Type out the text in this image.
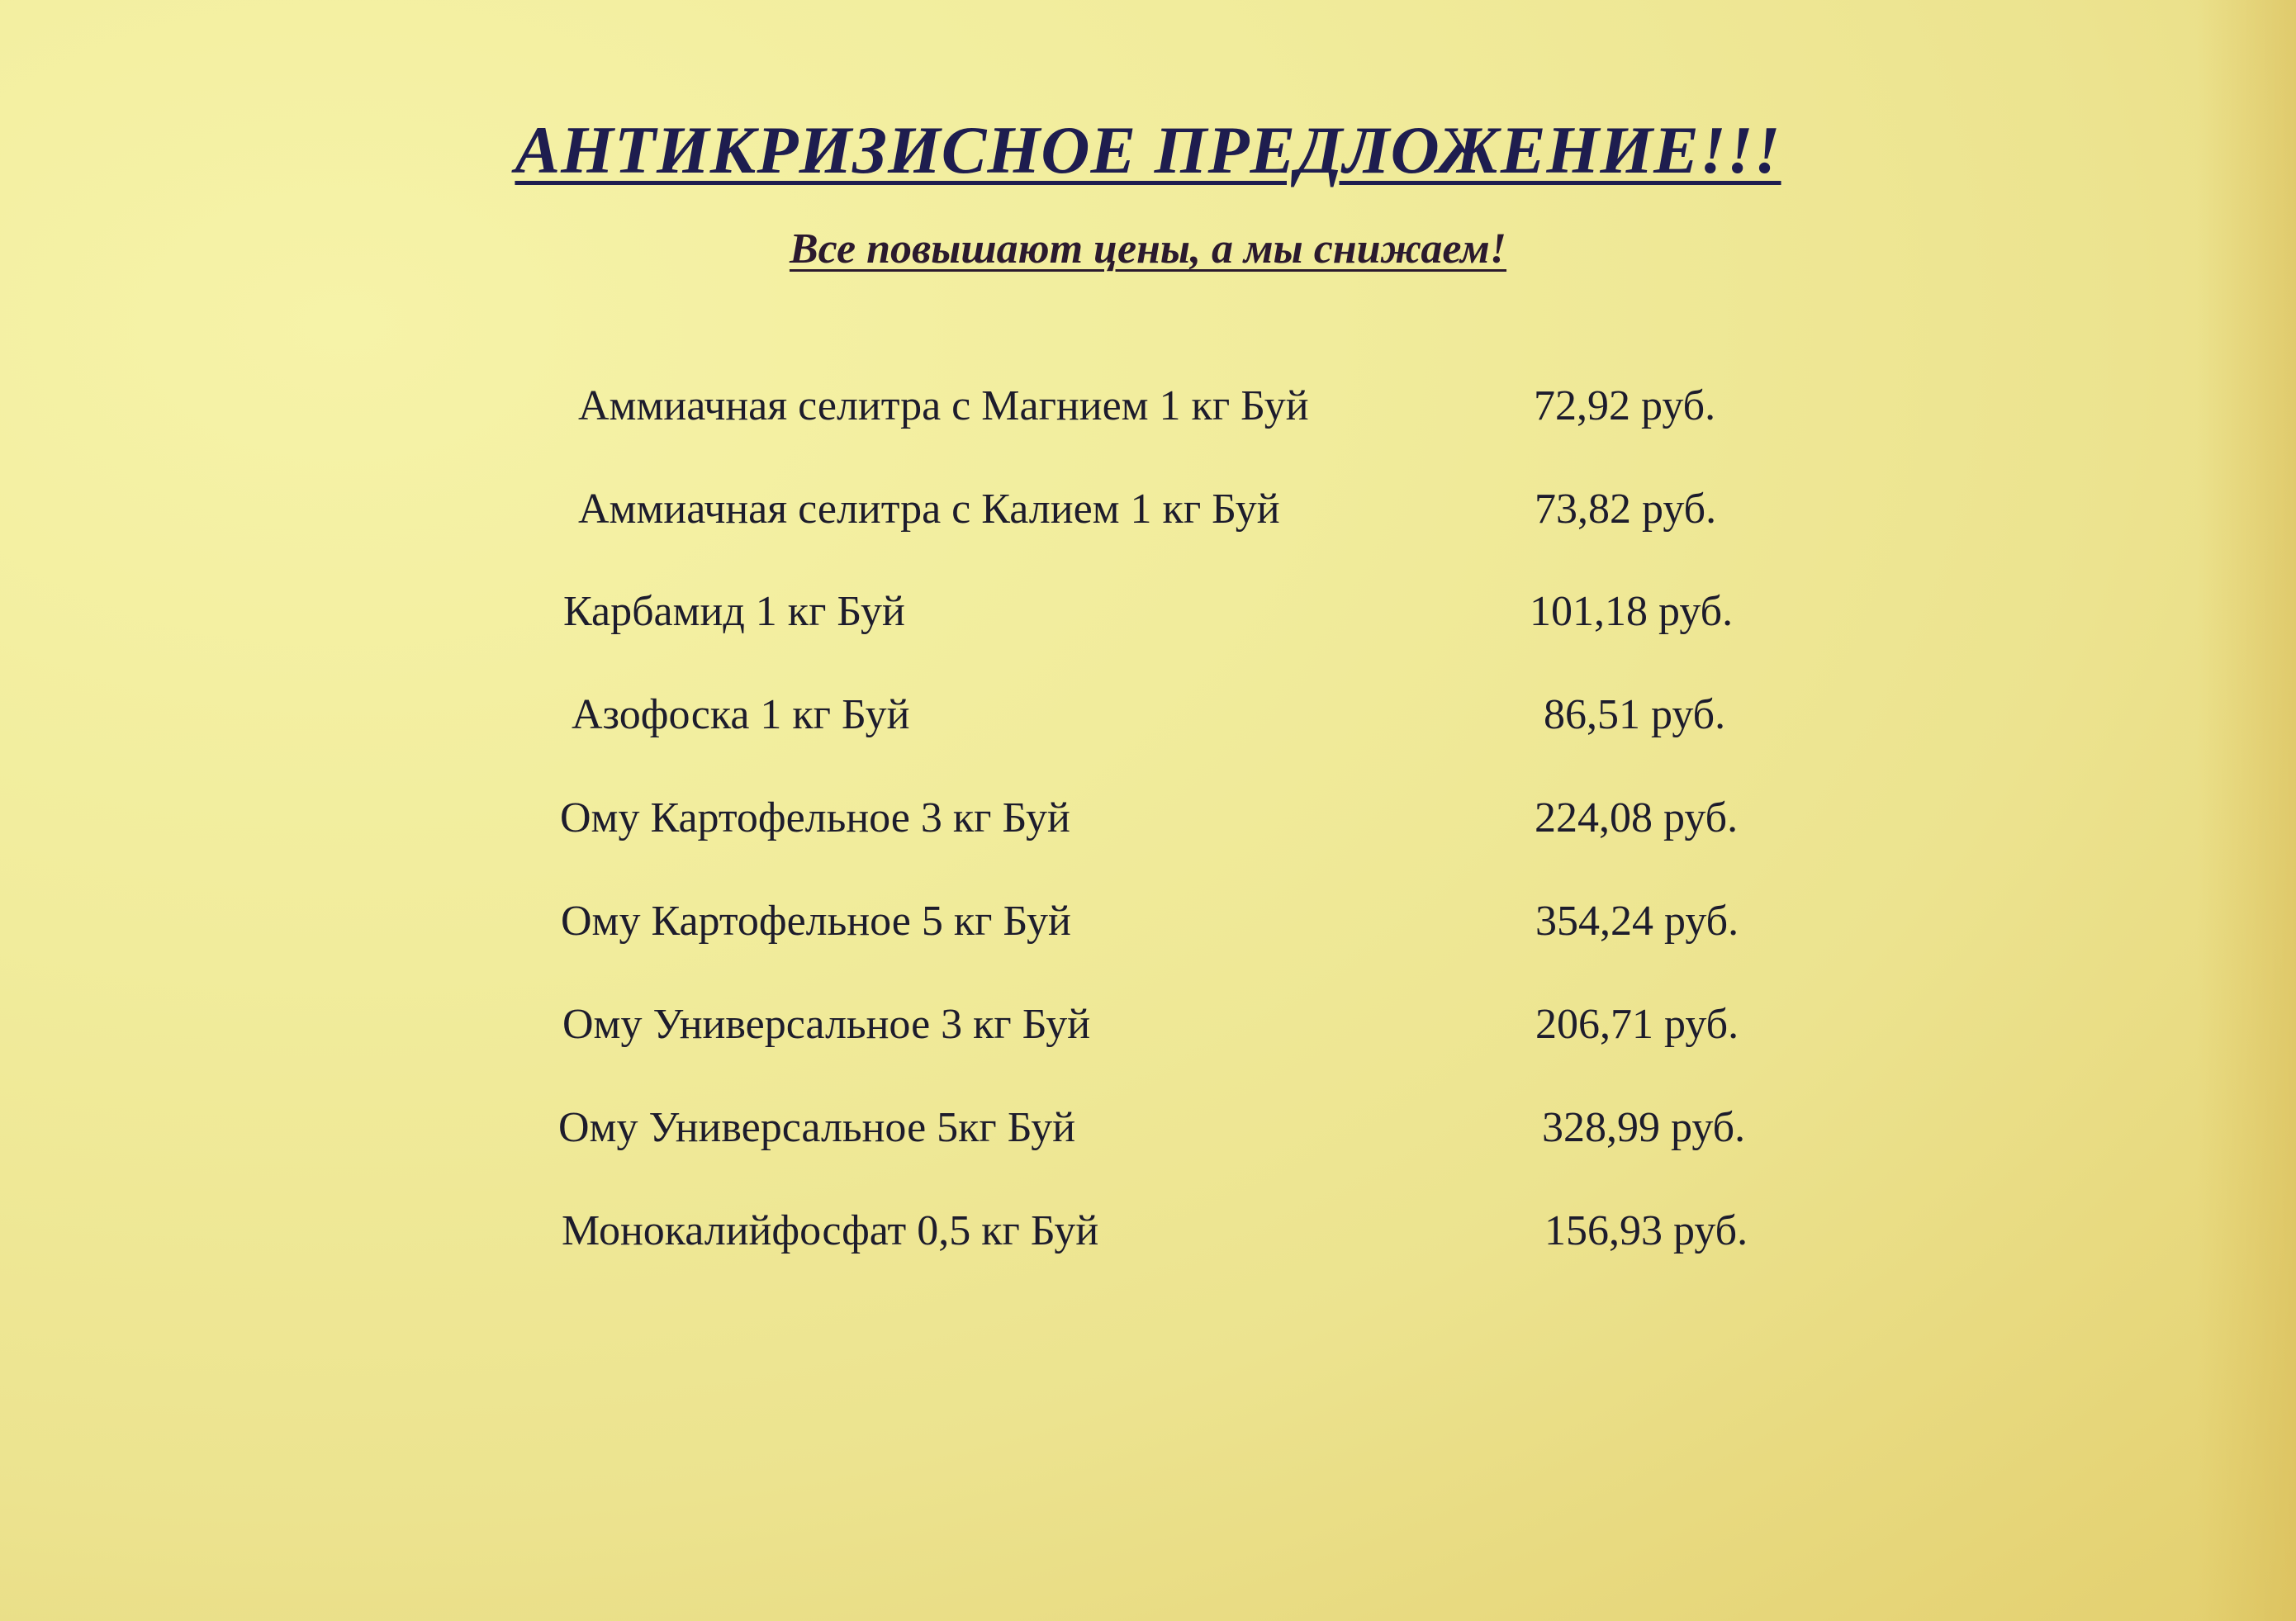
АНТИКРИЗИСНОЕ ПРЕДЛОЖЕНИЕ!!!
Все повышают цены, а мы снижаем!
Аммиачная селитра с Магнием 1 кг Буй	72,92 руб.
Аммиачная селитра с Калием 1 кг Буй	73,82 руб.
Карбамид 1 кг Буй	101,18 руб.
Азофоска 1 кг Буй	86,51 руб.
Ому Картофельное 3 кг Буй	224,08 руб.
Ому Картофельное 5 кг Буй	354,24 руб.
Ому Универсальное 3 кг Буй	206,71 руб.
Ому Универсальное 5кг Буй	328,99 руб.
Монокалийфосфат 0,5 кг Буй	156,93 руб.
